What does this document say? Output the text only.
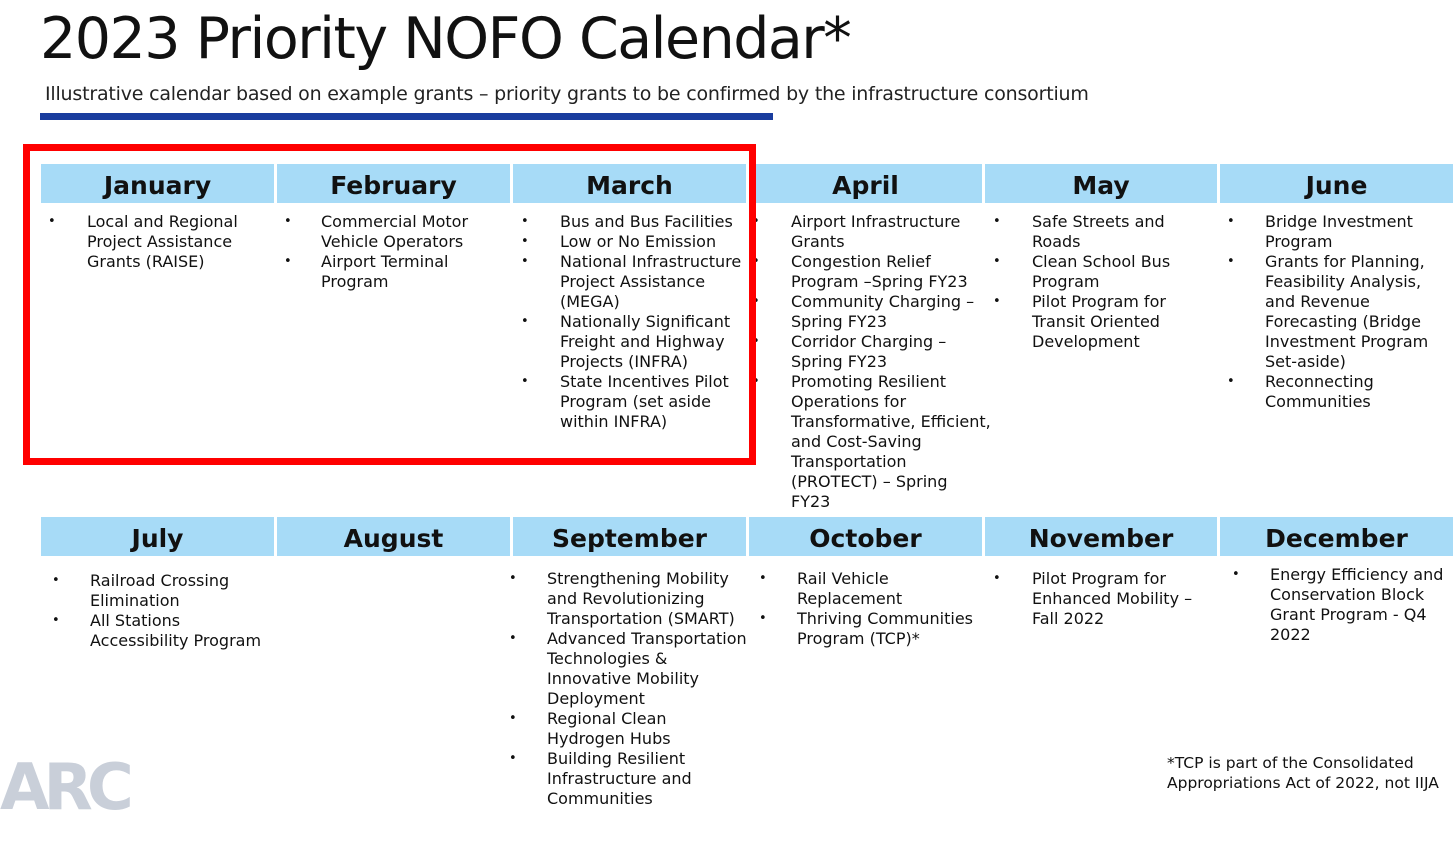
2023 Priority NOFO Calendar*
Illustrative calendar based on example grants – priority grants to be confirmed by the infrastructure consortium
January
• Local and Regional Project Assistance Grants (RAISE)
February
• Commercial Motor Vehicle Operators
• Airport Terminal Program
March
• Bus and Bus Facilities
• Low or No Emission
• National Infrastructure Project Assistance (MEGA)
• Nationally Significant Freight and Highway Projects (INFRA)
• State Incentives Pilot Program (set aside within INFRA)
April
• Airport Infrastructure Grants
• Congestion Relief Program –Spring FY23
• Community Charging – Spring FY23
• Corridor Charging – Spring FY23
• Promoting Resilient Operations for Transformative, Efficient, and Cost-Saving Transportation (PROTECT) – Spring FY23
May
• Safe Streets and Roads
• Clean School Bus Program
• Pilot Program for Transit Oriented Development
June
• Bridge Investment Program
• Grants for Planning, Feasibility Analysis, and Revenue Forecasting (Bridge Investment Program Set-aside)
• Reconnecting Communities
July
• Railroad Crossing Elimination
• All Stations Accessibility Program
August	September
• Strengthening Mobility and Revolutionizing Transportation (SMART)
• Advanced Transportation Technologies & Innovative Mobility Deployment
• Regional Clean Hydrogen Hubs
• Building Resilient Infrastructure and Communities
October
• Rail Vehicle Replacement
• Thriving Communities Program (TCP)*
November
• Pilot Program for Enhanced Mobility – Fall 2022
December
• Energy Efficiency and Conservation Block Grant Program - Q4 2022
ARC	*TCP is part of the Consolidated Appropriations Act of 2022, not IIJA
